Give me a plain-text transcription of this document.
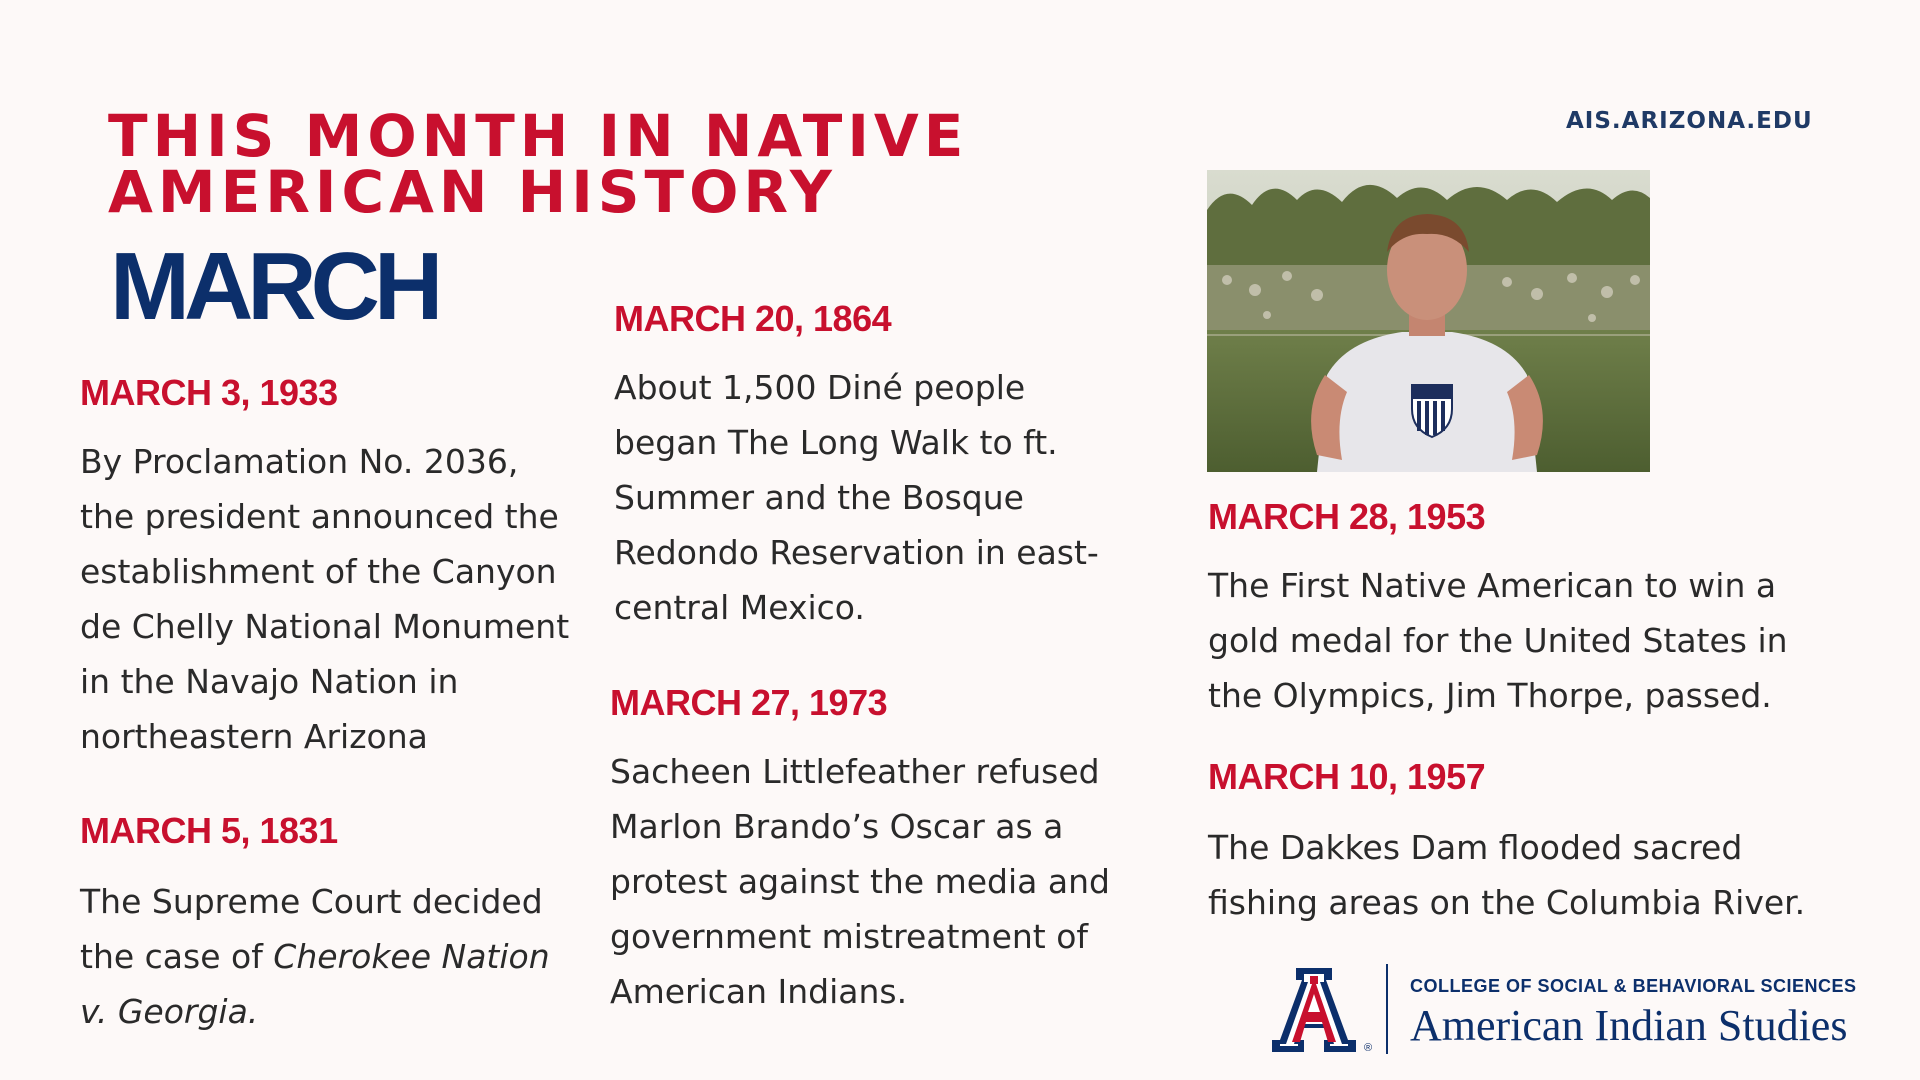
THIS MONTH IN NATIVE
AMERICAN HISTORY
MARCH
AIS.ARIZONA.EDU
MARCH 3, 1933
By Proclamation No. 2036,
the president announced the
establishment of the Canyon
de Chelly National Monument
in the Navajo Nation in
northeastern Arizona
MARCH 5, 1831
The Supreme Court decided
the case of Cherokee Nation
v. Georgia.
MARCH 20, 1864
About 1,500 Diné people
began The Long Walk to ft.
Summer and the Bosque
Redondo Reservation in east-
central Mexico.
MARCH 27, 1973
Sacheen Littlefeather refused
Marlon Brando’s Oscar as a
protest against the media and
government mistreatment of
American Indians.
MARCH 28, 1953
The First Native American to win a
gold medal for the United States in
the Olympics, Jim Thorpe, passed.
MARCH 10, 1957
The Dakkes Dam flooded sacred
fishing areas on the Columbia River.
®
COLLEGE OF SOCIAL & BEHAVIORAL SCIENCES
American Indian Studies
